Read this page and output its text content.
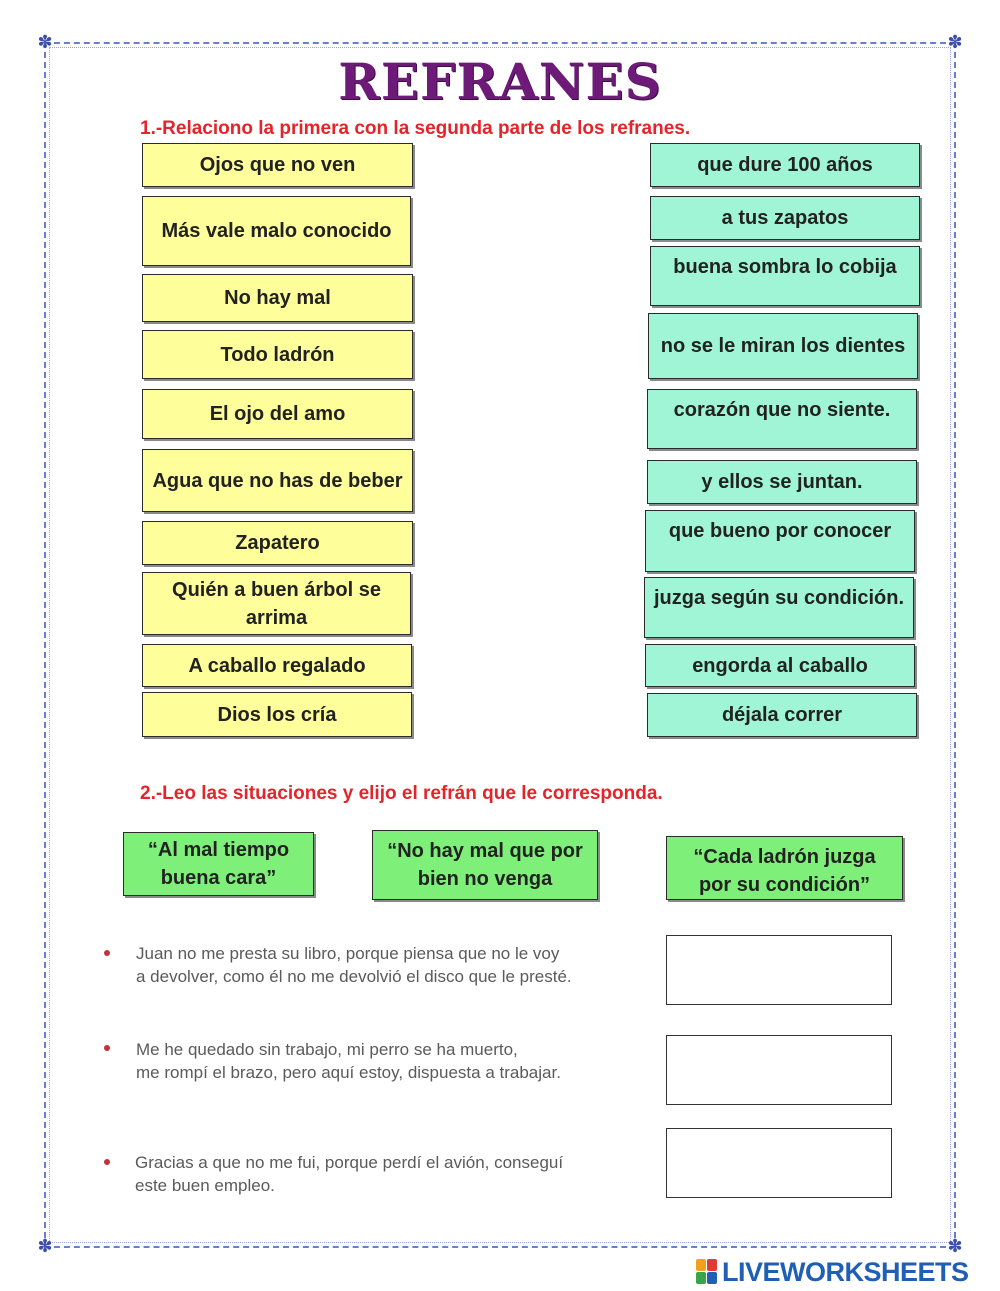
✽	✽
✽	✽
REFRANES
1.-Relaciono la primera con la segunda parte de los refranes.
Ojos que no ven
Más vale malo conocido
No hay mal
Todo ladrón
El ojo del amo
Agua que no has de beber
Zapatero
Quién a buen árbol se arrima
A caballo regalado
Dios los cría
que dure 100 años
a tus zapatos
buena sombra lo cobija
no se le miran los dientes
corazón que no siente.
y ellos se juntan.
que bueno por conocer
juzga según su condición.
engorda al caballo
déjala correr
2.-Leo las situaciones y elijo el refrán que le corresponda.
“Al mal tiempo buena cara”
“No hay mal que por bien no venga
“Cada ladrón juzga por su condición”
Juan no me presta su libro, porque piensa que no le voy
a devolver, como él no me devolvió el disco que le presté.
Me he quedado sin trabajo, mi perro se ha muerto,
me rompí el brazo, pero aquí estoy, dispuesta a trabajar.
Gracias a que no me fui, porque perdí el avión, conseguí
este buen empleo.
LIVEWORKSHEETS
